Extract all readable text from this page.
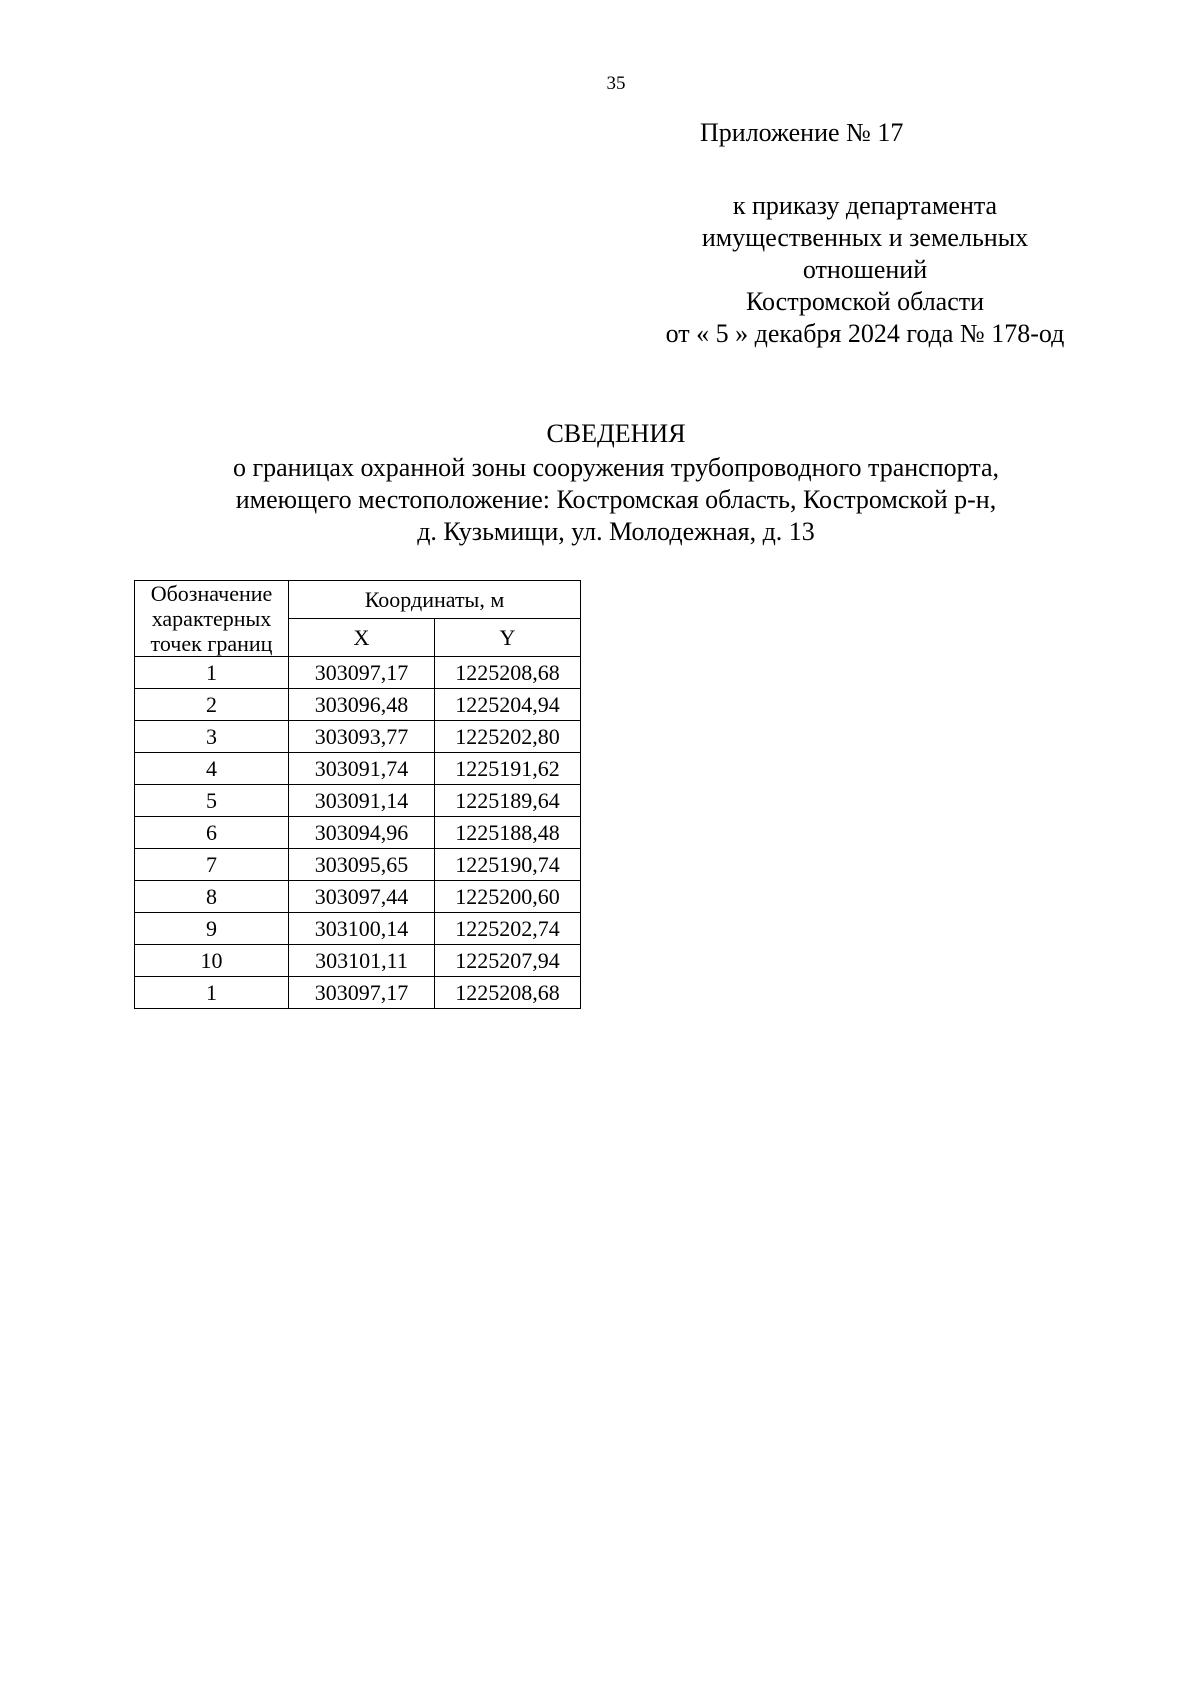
35
Приложение № 17
к приказу департамента
имущественных и земельных
отношений
Костромской области
от « 5 » декабря 2024 года № 178-од
СВЕДЕНИЯ
о границах охранной зоны сооружения трубопроводного транспорта,
имеющего местоположение: Костромская область, Костромской р-н,
д. Кузьмищи, ул. Молодежная, д. 13
Обозначение
характерных
точек границ	Координаты, м	
	X	Y
1	303097,17	1225208,68
2	303096,48	1225204,94
3	303093,77	1225202,80
4	303091,74	1225191,62
5	303091,14	1225189,64
6	303094,96	1225188,48
7	303095,65	1225190,74
8	303097,44	1225200,60
9	303100,14	1225202,74
10	303101,11	1225207,94
1	303097,17	1225208,68
